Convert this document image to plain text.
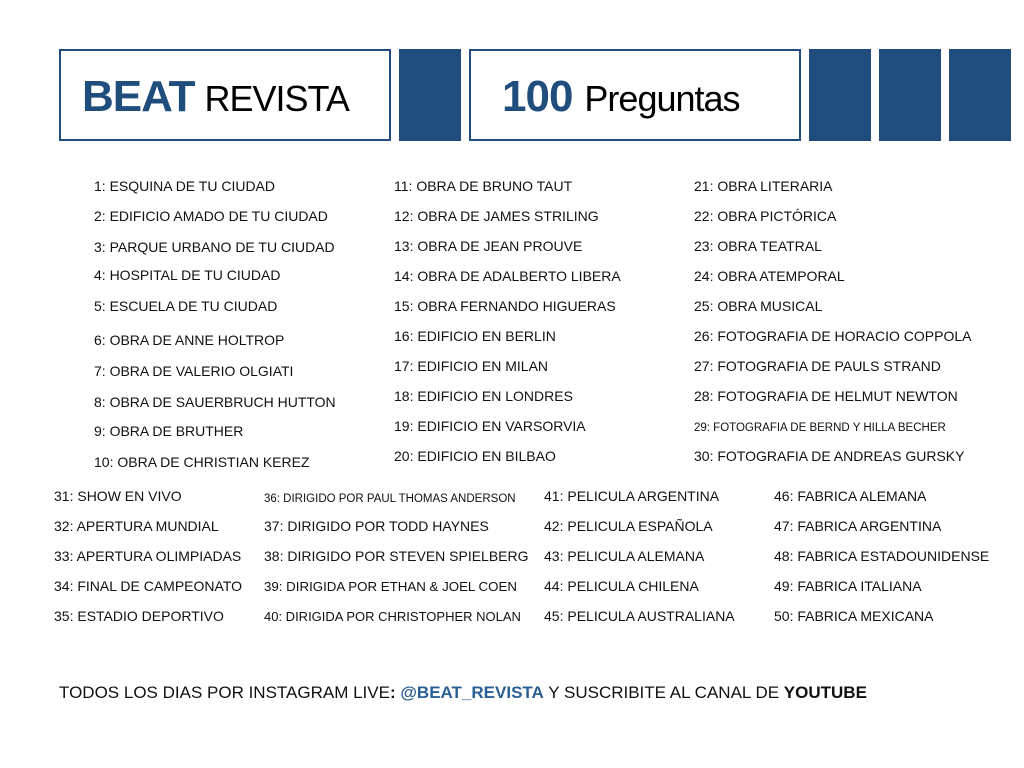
BEAT REVISTA	100 Preguntas
1: ESQUINA DE TU CIUDAD
2: EDIFICIO AMADO DE TU CIUDAD
3: PARQUE URBANO DE TU CIUDAD
4: HOSPITAL DE TU CIUDAD
5: ESCUELA DE TU CIUDAD
6: OBRA DE ANNE HOLTROP
7: OBRA DE VALERIO OLGIATI
8: OBRA DE SAUERBRUCH HUTTON
9: OBRA DE BRUTHER
10: OBRA DE CHRISTIAN KEREZ
11: OBRA DE BRUNO TAUT
12: OBRA DE JAMES STRILING
13: OBRA DE JEAN PROUVE
14: OBRA DE ADALBERTO LIBERA
15: OBRA FERNANDO HIGUERAS
16: EDIFICIO EN BERLIN
17: EDIFICIO EN MILAN
18: EDIFICIO EN LONDRES
19: EDIFICIO EN VARSORVIA
20: EDIFICIO EN BILBAO
21: OBRA LITERARIA
22: OBRA PICTÓRICA
23: OBRA TEATRAL
24: OBRA ATEMPORAL
25: OBRA MUSICAL
26: FOTOGRAFIA DE HORACIO COPPOLA
27: FOTOGRAFIA DE PAULS STRAND
28: FOTOGRAFIA DE HELMUT NEWTON
29: FOTOGRAFIA DE BERND Y HILLA BECHER
30: FOTOGRAFIA DE ANDREAS GURSKY
31: SHOW EN VIVO
32: APERTURA MUNDIAL
33: APERTURA OLIMPIADAS
34: FINAL DE CAMPEONATO
35: ESTADIO DEPORTIVO
36: DIRIGIDO POR PAUL THOMAS ANDERSON
37: DIRIGIDO POR TODD HAYNES
38: DIRIGIDO POR STEVEN SPIELBERG
39: DIRIGIDA POR ETHAN & JOEL COEN
40: DIRIGIDA POR CHRISTOPHER NOLAN
41: PELICULA ARGENTINA
42: PELICULA ESPAÑOLA
43: PELICULA ALEMANA
44: PELICULA CHILENA
45: PELICULA AUSTRALIANA
46: FABRICA ALEMANA
47: FABRICA ARGENTINA
48: FABRICA ESTADOUNIDENSE
49: FABRICA ITALIANA
50: FABRICA MEXICANA
TODOS LOS DIAS POR INSTAGRAM LIVE: @BEAT_REVISTA Y SUSCRIBITE AL CANAL DE YOUTUBE
